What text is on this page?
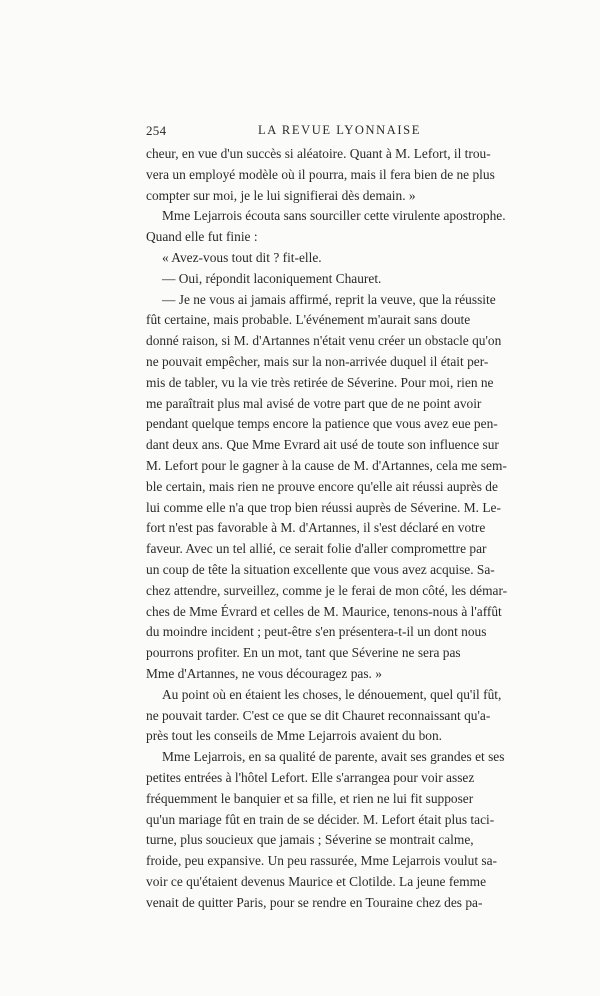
254	LA REVUE LYONNAISE
cheur, en vue d'un succès si aléatoire. Quant à M. Lefort, il trou-
vera un employé modèle où il pourra, mais il fera bien de ne plus
compter sur moi, je le lui signifierai dès demain. »
Mme Lejarrois écouta sans sourciller cette virulente apostrophe.
Quand elle fut finie :
« Avez-vous tout dit ? fit-elle.
— Oui, répondit laconiquement Chauret.
— Je ne vous ai jamais affirmé, reprit la veuve, que la réussite
fût certaine, mais probable. L'événement m'aurait sans doute
donné raison, si M. d'Artannes n'était venu créer un obstacle qu'on
ne pouvait empêcher, mais sur la non-arrivée duquel il était per-
mis de tabler, vu la vie très retirée de Séverine. Pour moi, rien ne
me paraîtrait plus mal avisé de votre part que de ne point avoir
pendant quelque temps encore la patience que vous avez eue pen-
dant deux ans. Que Mme Evrard ait usé de toute son influence sur
M. Lefort pour le gagner à la cause de M. d'Artannes, cela me sem-
ble certain, mais rien ne prouve encore qu'elle ait réussi auprès de
lui comme elle n'a que trop bien réussi auprès de Séverine. M. Le-
fort n'est pas favorable à M. d'Artannes, il s'est déclaré en votre
faveur. Avec un tel allié, ce serait folie d'aller compromettre par
un coup de tête la situation excellente que vous avez acquise. Sa-
chez attendre, surveillez, comme je le ferai de mon côté, les démar-
ches de Mme Évrard et celles de M. Maurice, tenons-nous à l'affût
du moindre incident ; peut-être s'en présentera-t-il un dont nous
pourrons profiter. En un mot, tant que Séverine ne sera pas
Mme d'Artannes, ne vous découragez pas. »
Au point où en étaient les choses, le dénouement, quel qu'il fût,
ne pouvait tarder. C'est ce que se dit Chauret reconnaissant qu'a-
près tout les conseils de Mme Lejarrois avaient du bon.
Mme Lejarrois, en sa qualité de parente, avait ses grandes et ses
petites entrées à l'hôtel Lefort. Elle s'arrangea pour voir assez
fréquemment le banquier et sa fille, et rien ne lui fit supposer
qu'un mariage fût en train de se décider. M. Lefort était plus taci-
turne, plus soucieux que jamais ; Séverine se montrait calme,
froide, peu expansive. Un peu rassurée, Mme Lejarrois voulut sa-
voir ce qu'étaient devenus Maurice et Clotilde. La jeune femme
venait de quitter Paris, pour se rendre en Touraine chez des pa-
